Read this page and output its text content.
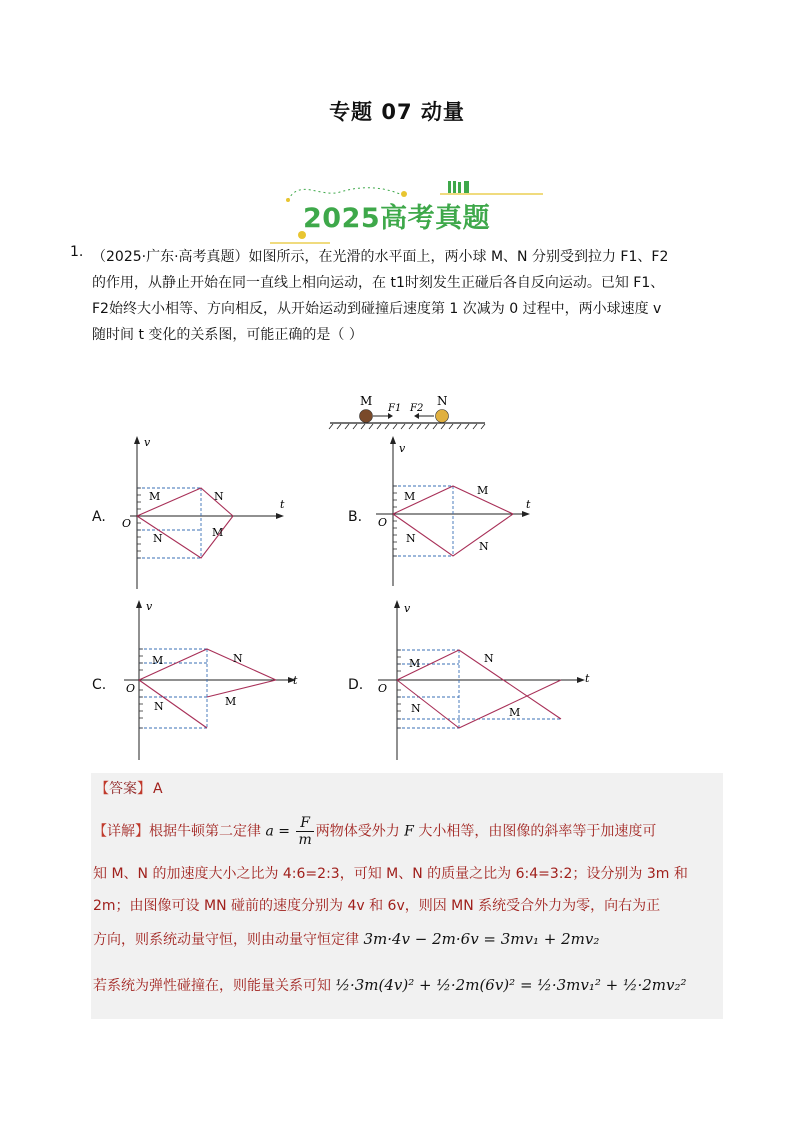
专题 07 动量
2025高考真题
1. （2025·广东·高考真题）如图所示，在光滑的水平面上，两小球 M、N 分别受到拉力 F1、F2
的作用，从静止开始在同一直线上相向运动，在 t1时刻发生正碰后各自反向运动。已知 F1、
F2始终大小相等、方向相反，从开始运动到碰撞后速度第 1 次减为 0 过程中，两小球速度 v
随时间 t 变化的关系图，可能正确的是（ ）
M	N
F1 F2
A.
v
t
O
M
N
N
M
B.
v
t
O
M
N
M
N
C.
v
t
O
M
N
N
M
D.
v
t
O
M
N
N
M
【答案】 A
【详解】根据牛顿第二定律 $a = \frac{F}{m}$ 两物体受外力 F 大小相等，由图像的斜率等于加速度可
知 M、N 的加速度大小之比为 4:6=2:3，可知 M、N 的质量之比为 6:4=3:2；设分别为 3m 和
2m；由图像可设 MN 碰前的速度分别为 4v 和 6v，则因 MN 系统受合外力为零，向右为正
方向，则系统动量守恒，则由动量守恒定律 3m·4v − 2m·6v = 3mv₁ + 2mv₂
若系统为弹性碰撞在，则能量关系可知 ½·3m(4v)² + ½·2m(6v)² = ½·3mv₁² + ½·2mv₂²
